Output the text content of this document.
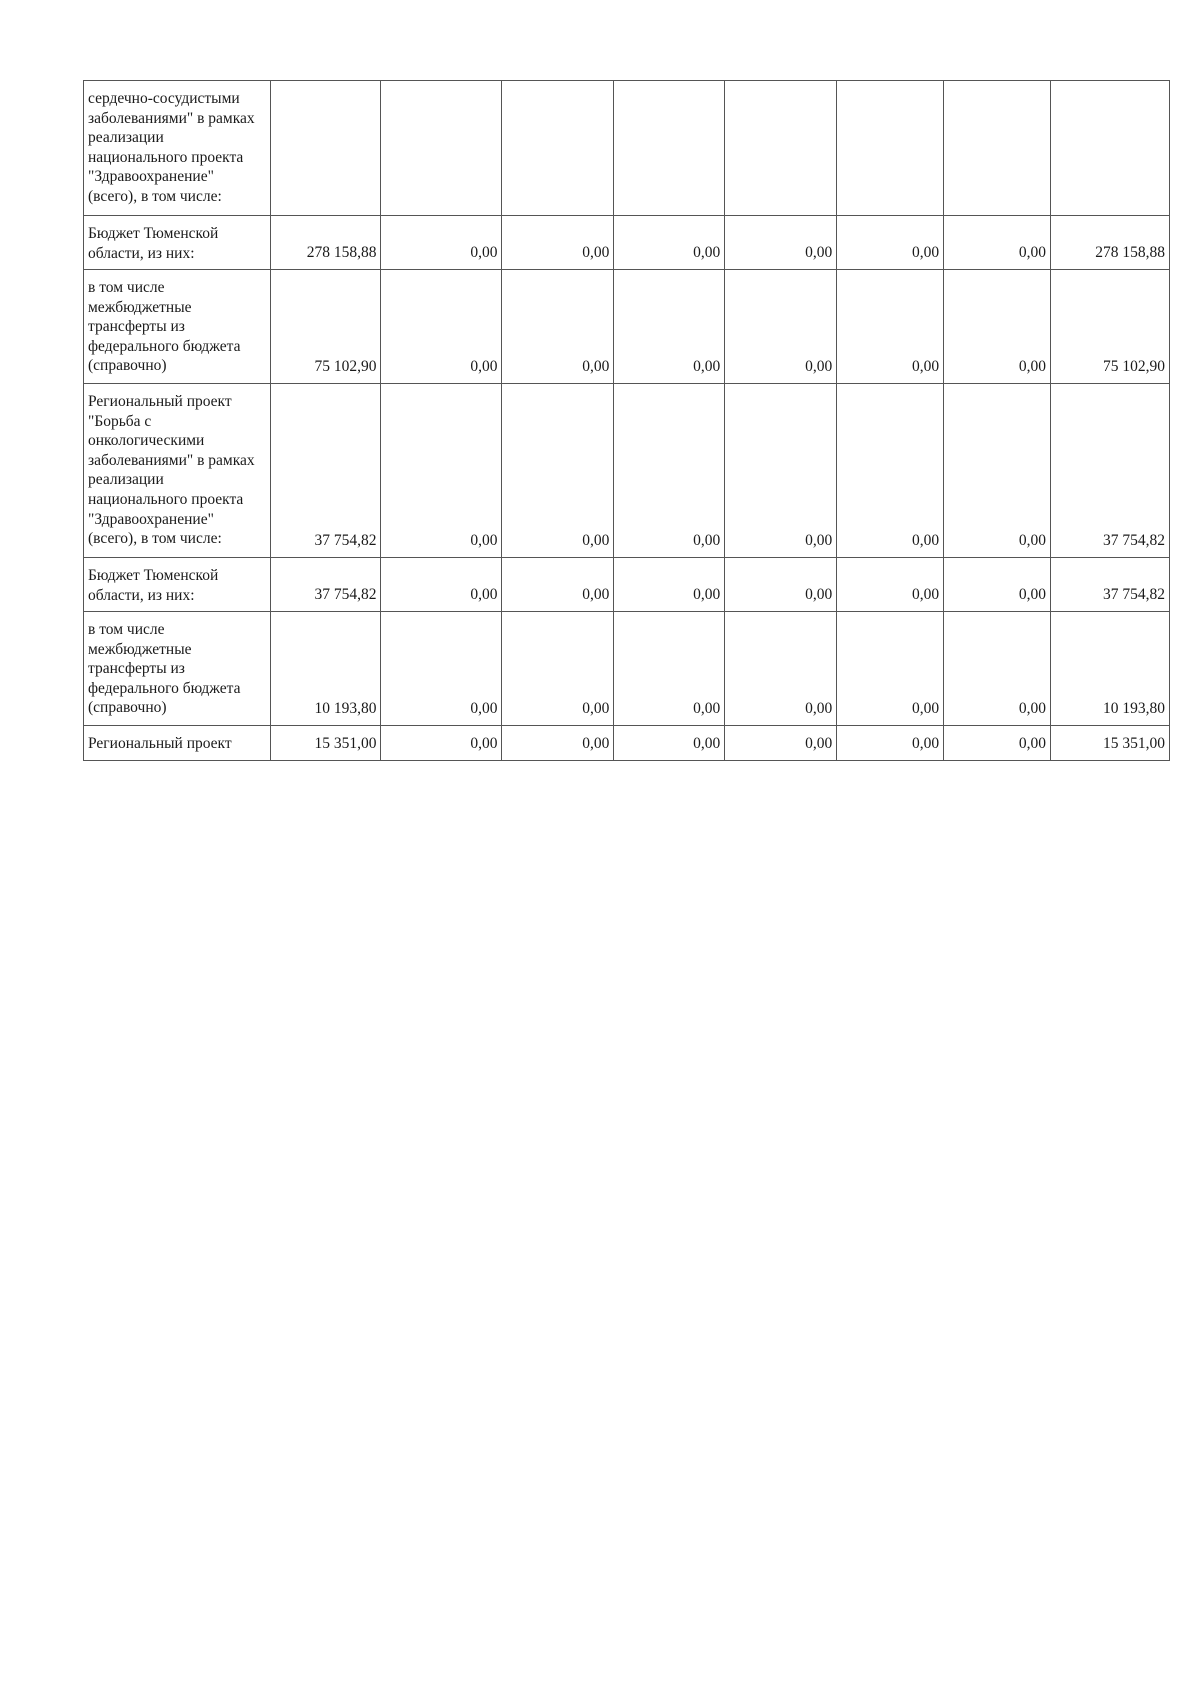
сердечно-сосудистыми заболеваниями" в рамках реализации национального проекта "Здравоохранение" (всего), в том числе:								

Бюджет Тюменской области, из них:	278 158,88	0,00	0,00	0,00	0,00	0,00	0,00	278 158,88

в том числе межбюджетные трансферты из федерального бюджета (справочно)	75 102,90	0,00	0,00	0,00	0,00	0,00	0,00	75 102,90

Региональный проект "Борьба с онкологическими заболеваниями" в рамках реализации национального проекта "Здравоохранение" (всего), в том числе:	37 754,82	0,00	0,00	0,00	0,00	0,00	0,00	37 754,82

Бюджет Тюменской области, из них:	37 754,82	0,00	0,00	0,00	0,00	0,00	0,00	37 754,82

в том числе межбюджетные трансферты из федерального бюджета (справочно)	10 193,80	0,00	0,00	0,00	0,00	0,00	0,00	10 193,80

Региональный проект	15 351,00	0,00	0,00	0,00	0,00	0,00	0,00	15 351,00
